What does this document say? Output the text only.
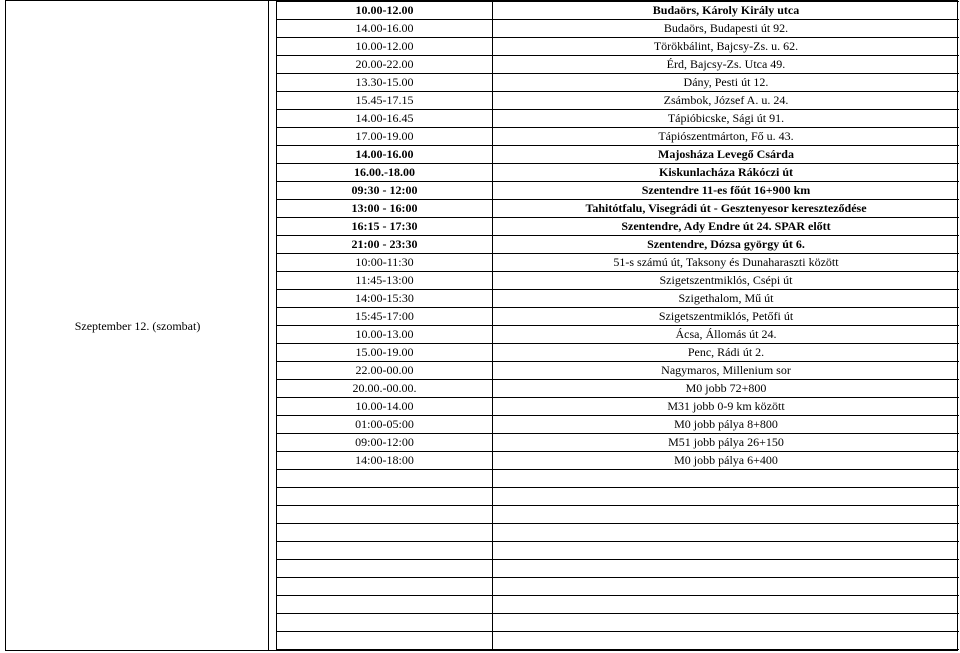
Szeptember 12. (szombat)
10.00-12.00	Budaörs, Károly Király utca
14.00-16.00	Budaörs, Budapesti út 92.
10.00-12.00	Törökbálint, Bajcsy-Zs. u. 62.
20.00-22.00	Érd, Bajcsy-Zs. Utca 49.
13.30-15.00	Dány, Pesti út 12.
15.45-17.15	Zsámbok, József A. u. 24.
14.00-16.45	Tápióbicske, Sági út 91.
17.00-19.00	Tápiószentmárton, Fő u. 43.
14.00-16.00	Majosháza Levegő Csárda
16.00.-18.00	Kiskunlacháza Rákóczi út
09:30 - 12:00	Szentendre 11-es főút 16+900 km
13:00 - 16:00	Tahitótfalu, Visegrádi út - Gesztenyesor kereszteződése
16:15 - 17:30	Szentendre, Ady Endre út 24. SPAR előtt
21:00 - 23:30	Szentendre, Dózsa györgy út 6.
10:00-11:30	51-s számú út, Taksony és Dunaharaszti között
11:45-13:00	Szigetszentmiklós, Csépi út
14:00-15:30	Szigethalom, Mű út
15:45-17:00	Szigetszentmiklós, Petőfi út
10.00-13.00	Ácsa, Állomás út 24.
15.00-19.00	Penc, Rádi út 2.
22.00-00.00	Nagymaros, Millenium sor
20.00.-00.00.	M0 jobb 72+800
10.00-14.00	M31 jobb 0-9 km között
01:00-05:00	M0 jobb pálya 8+800
09:00-12:00	M51 jobb pálya 26+150
14:00-18:00	M0 jobb pálya 6+400
